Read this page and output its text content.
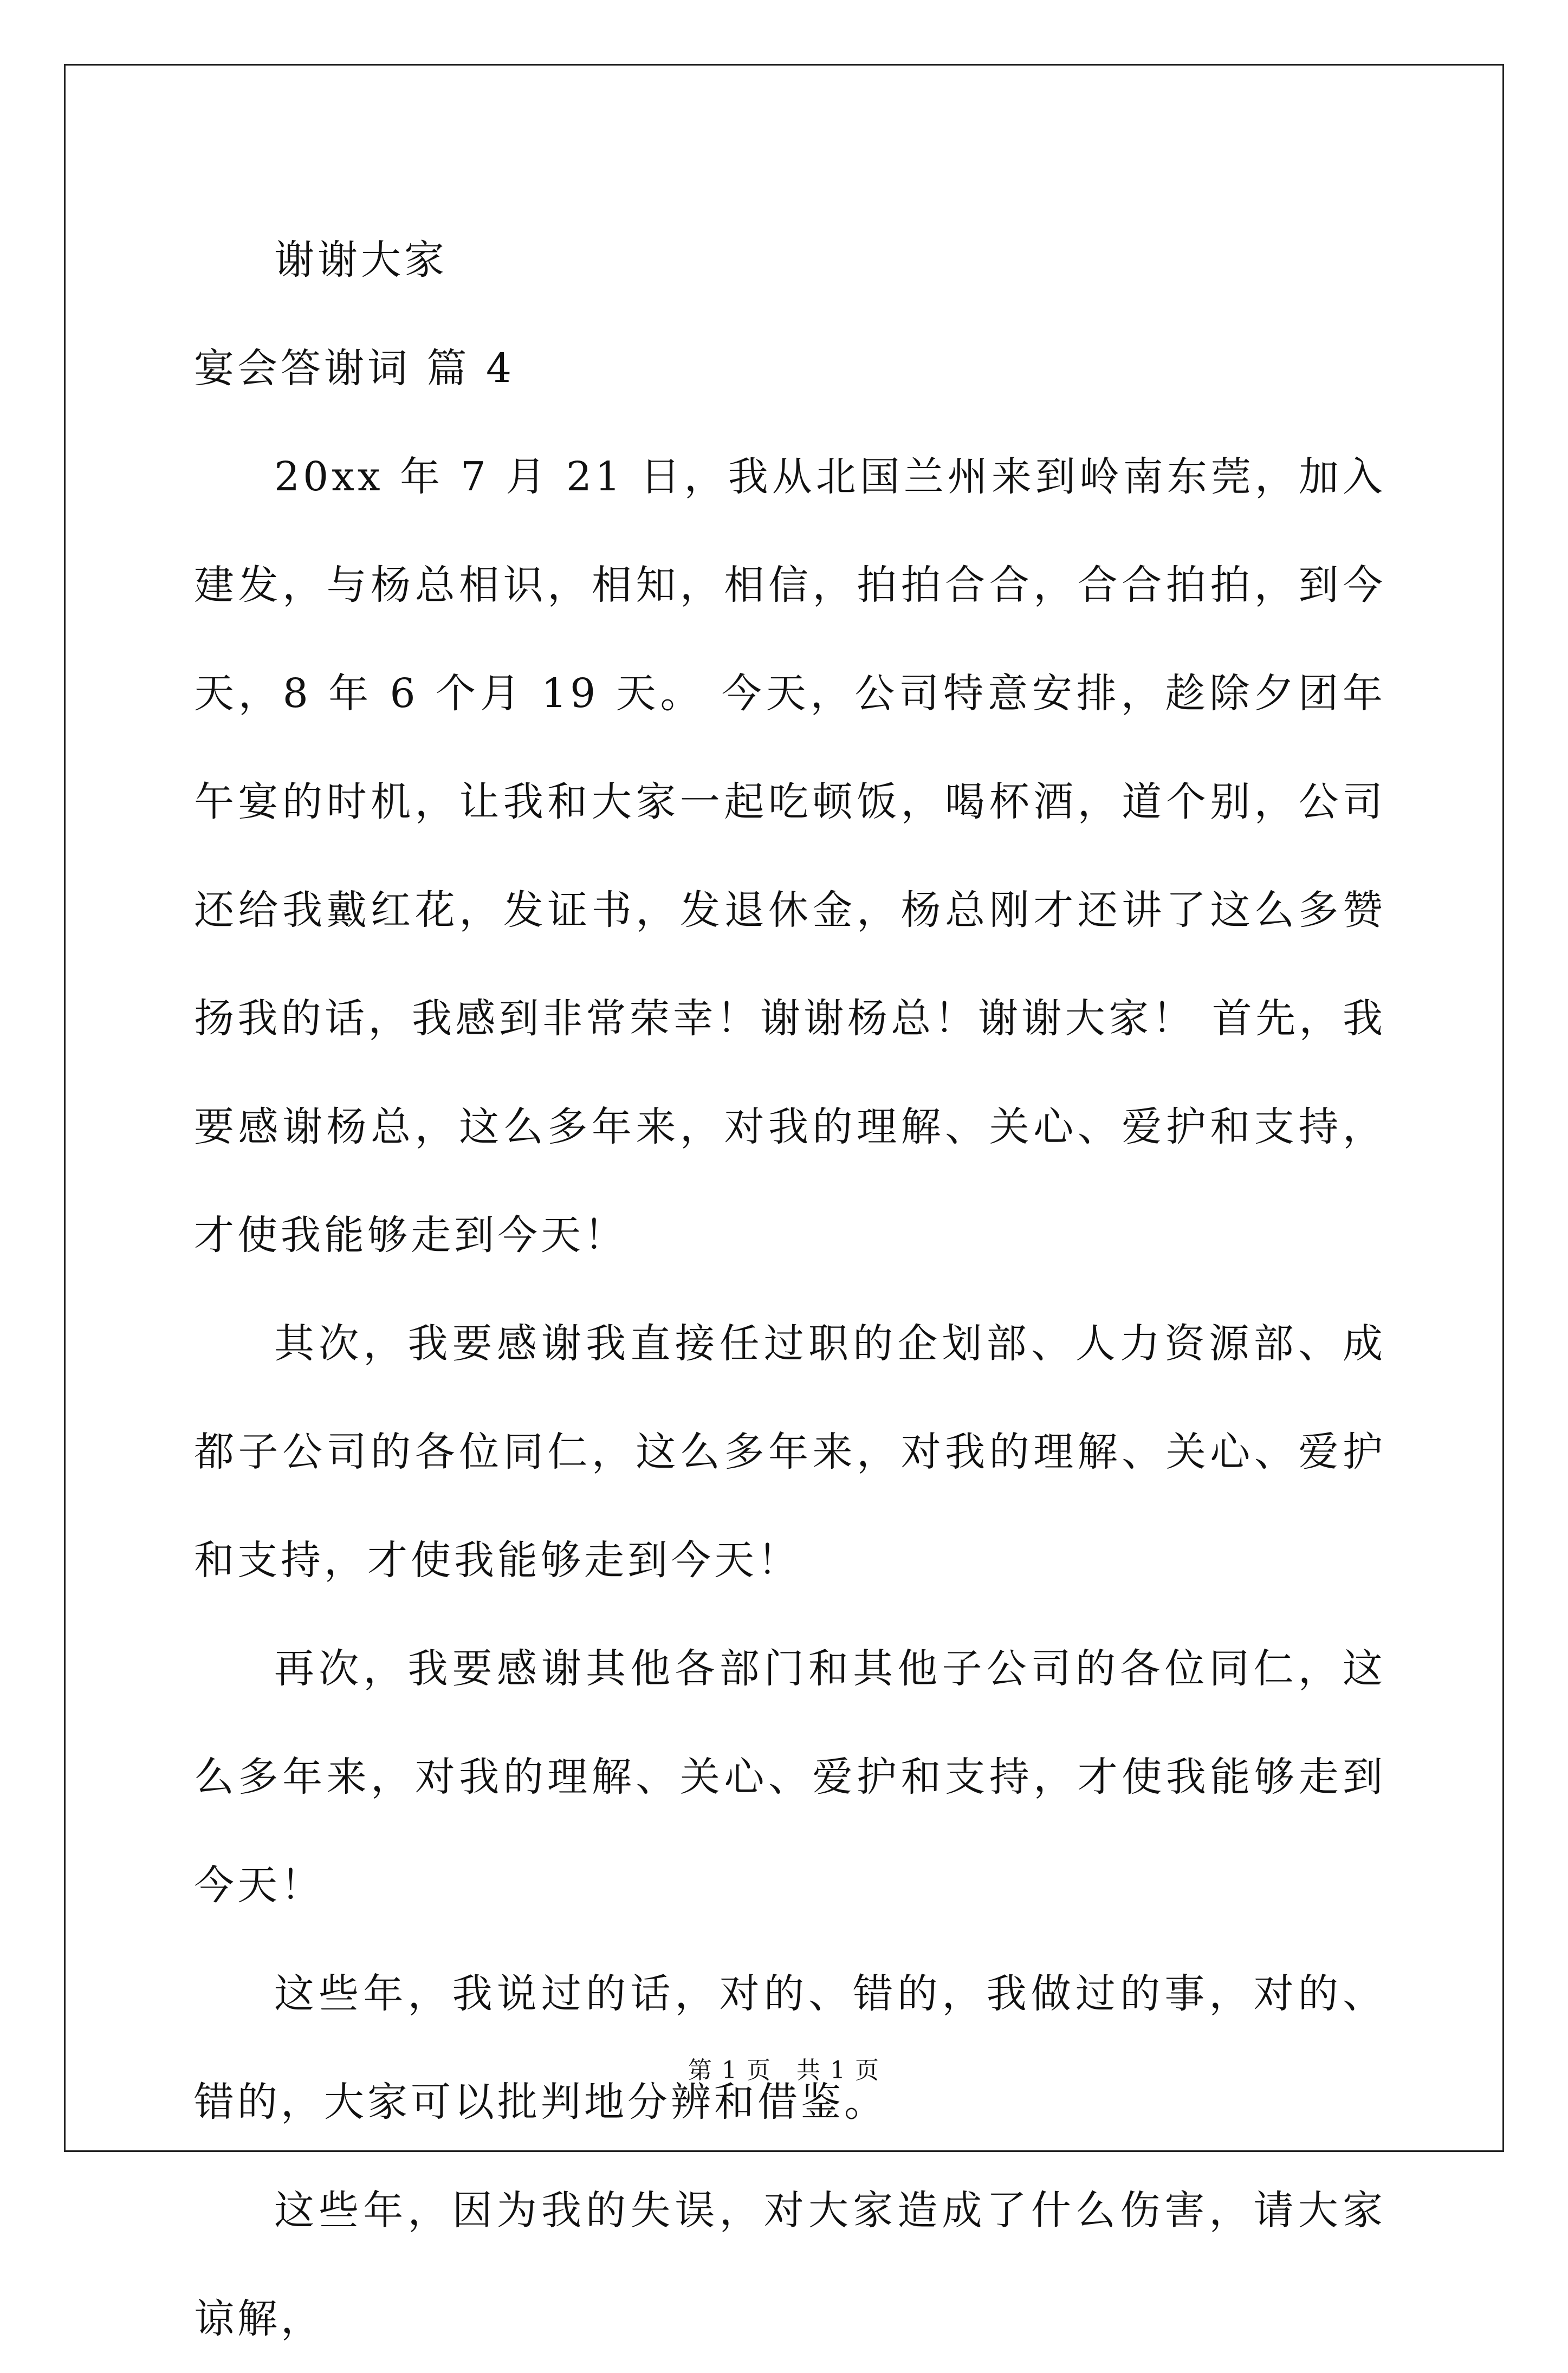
谢谢大家
宴会答谢词 篇 4

20xx 年 7 月 21 日，我从北国兰州来到岭南东莞，加入建发，与杨总相识，相知，相信，拍拍合合，合合拍拍，到今天，8 年 6 个月 19 天。 今天，公司特意安排，趁除夕团年午宴的时机，让我和大家一起吃顿饭，喝杯酒，道个别，公司还给我戴红花，发证书，发退休金，杨总刚才还讲了这么多赞扬我的话，我感到非常荣幸！谢谢杨总！谢谢大家！ 首先，我要感谢杨总，这么多年来，对我的理解、关心、爱护和支持，才使我能够走到今天！

其次，我要感谢我直接任过职的企划部、人力资源部、成都子公司的各位同仁，这么多年来，对我的理解、关心、爱护和支持，才使我能够走到今天！

再次，我要感谢其他各部门和其他子公司的各位同仁，这么多年来，对我的理解、关心、爱护和支持，才使我能够走到今天！

这些年，我说过的话，对的、错的，我做过的事，对的、错的，大家可以批判地分辨和借鉴。

这些年，因为我的失误，对大家造成了什么伤害，请大家谅解，

第 1 页　共 1 页
